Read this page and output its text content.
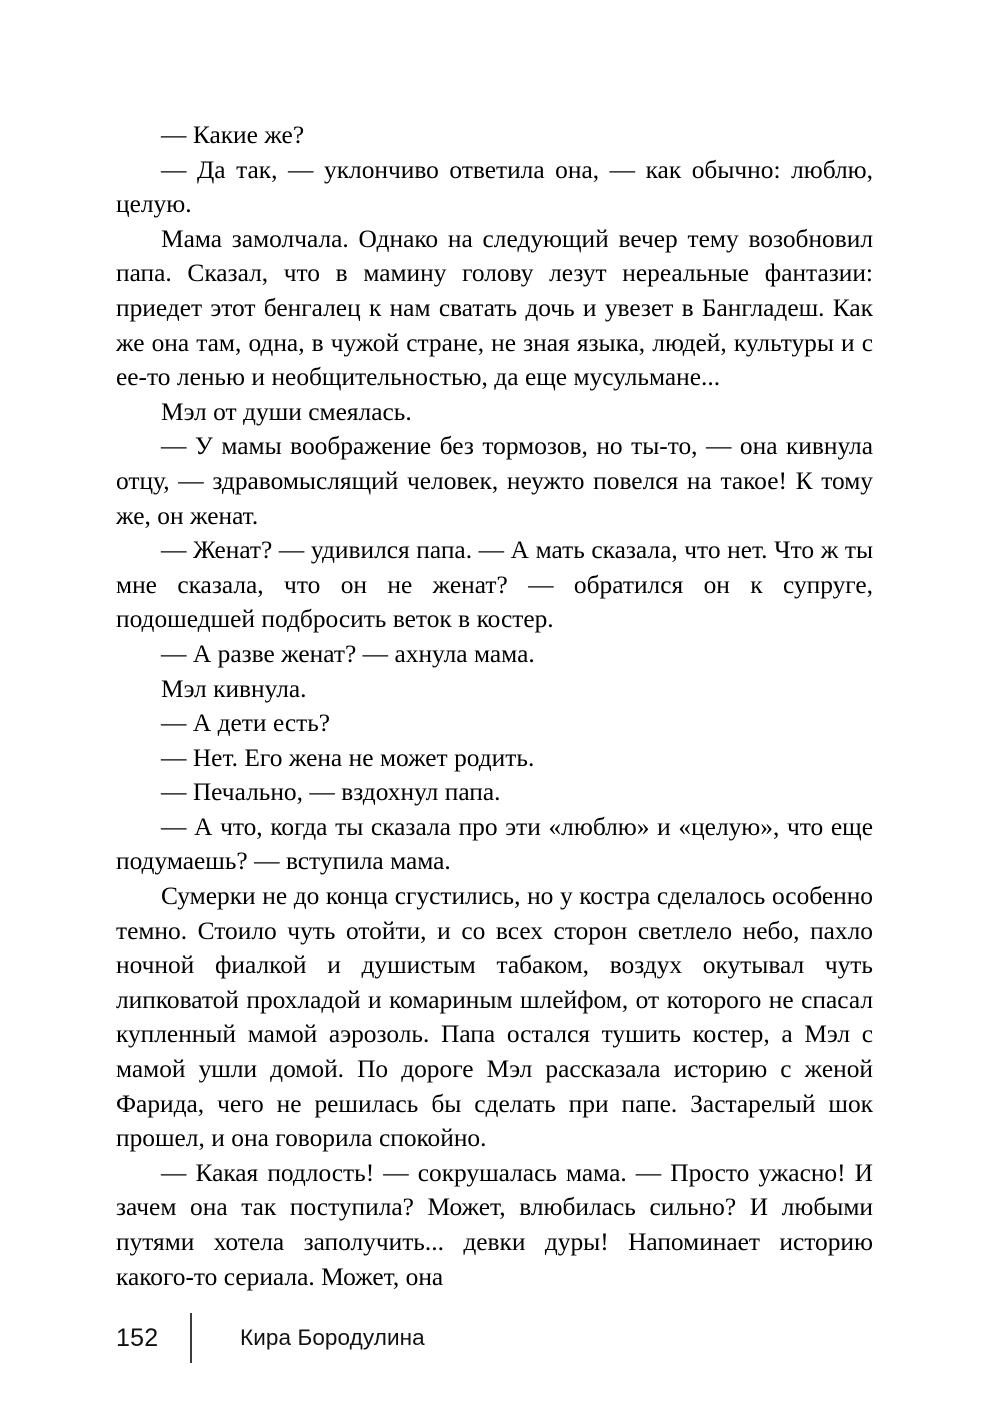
— Какие же?

— Да так, — уклончиво ответила она, — как обычно: люблю, целую.

Мама замолчала. Однако на следующий вечер тему возобновил папа. Сказал, что в мамину голову лезут нереальные фантазии: приедет этот бенгалец к нам сватать дочь и увезет в Бангладеш. Как же она там, одна, в чужой стране, не зная языка, людей, культуры и с ее-то ленью и необщительностью, да еще мусульмане...

Мэл от души смеялась.

— У мамы воображение без тормозов, но ты-то, — она кивнула отцу, — здравомыслящий человек, неужто повелся на такое! К тому же, он женат.

— Женат? — удивился папа. — А мать сказала, что нет. Что ж ты мне сказала, что он не женат? — обратился он к супруге, подошедшей подбросить веток в костер.

— А разве женат? — ахнула мама.

Мэл кивнула.

— А дети есть?

— Нет. Его жена не может родить.

— Печально, — вздохнул папа.

— А что, когда ты сказала про эти «люблю» и «целую», что еще подумаешь? — вступила мама.

Сумерки не до конца сгустились, но у костра сделалось особенно темно. Стоило чуть отойти, и со всех сторон светлело небо, пахло ночной фиалкой и душистым табаком, воздух окутывал чуть липковатой прохладой и комариным шлейфом, от которого не спасал купленный мамой аэрозоль. Папа остался тушить костер, а Мэл с мамой ушли домой. По дороге Мэл рассказала историю с женой Фарида, чего не решилась бы сделать при папе. Застарелый шок прошел, и она говорила спокойно.

— Какая подлость! — сокрушалась мама. — Просто ужасно! И зачем она так поступила? Может, влюбилась сильно? И любыми путями хотела заполучить... девки дуры! Напоминает историю какого-то сериала. Может, она

152	Кира Бородулина
